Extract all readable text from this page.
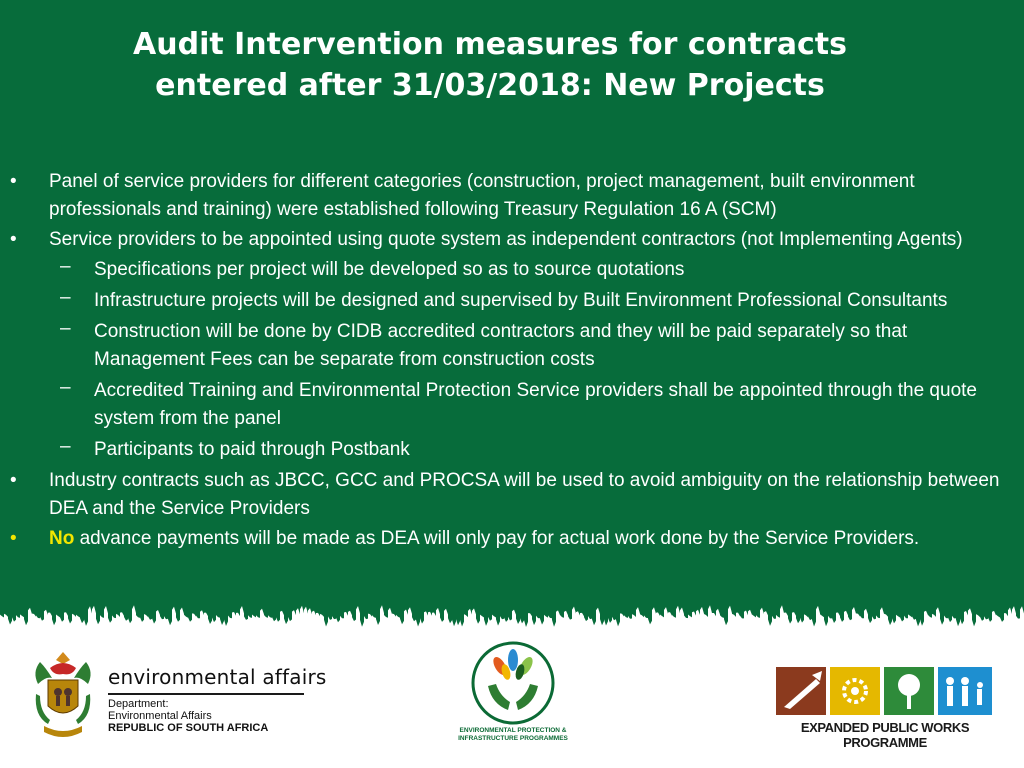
Audit Intervention measures for contracts
entered after 31/03/2018: New Projects
• Panel of service providers for different categories (construction, project management, built environment professionals and training) were established following Treasury Regulation 16 A (SCM)
• Service providers to be appointed using quote system as independent contractors (not Implementing Agents)
– Specifications per project will be developed so as to source quotations
– Infrastructure projects will be designed and supervised by Built Environment Professional Consultants
– Construction will be done by CIDB accredited contractors and they will be paid separately so that Management Fees can be separate from construction costs
– Accredited Training and Environmental Protection Service providers shall be appointed through the quote system from the panel
– Participants to paid through Postbank
• Industry contracts such as JBCC, GCC and PROCSA will be used to avoid ambiguity on the relationship between DEA and the Service Providers
• No advance payments will be made as DEA will only pay for actual work done by the Service Providers.
environmental affairs
Department:
Environmental Affairs
REPUBLIC OF SOUTH AFRICA	ENVIRONMENTAL PROTECTION &
INFRASTRUCTURE PROGRAMMES
EXPANDED PUBLIC WORKS PROGRAMME
